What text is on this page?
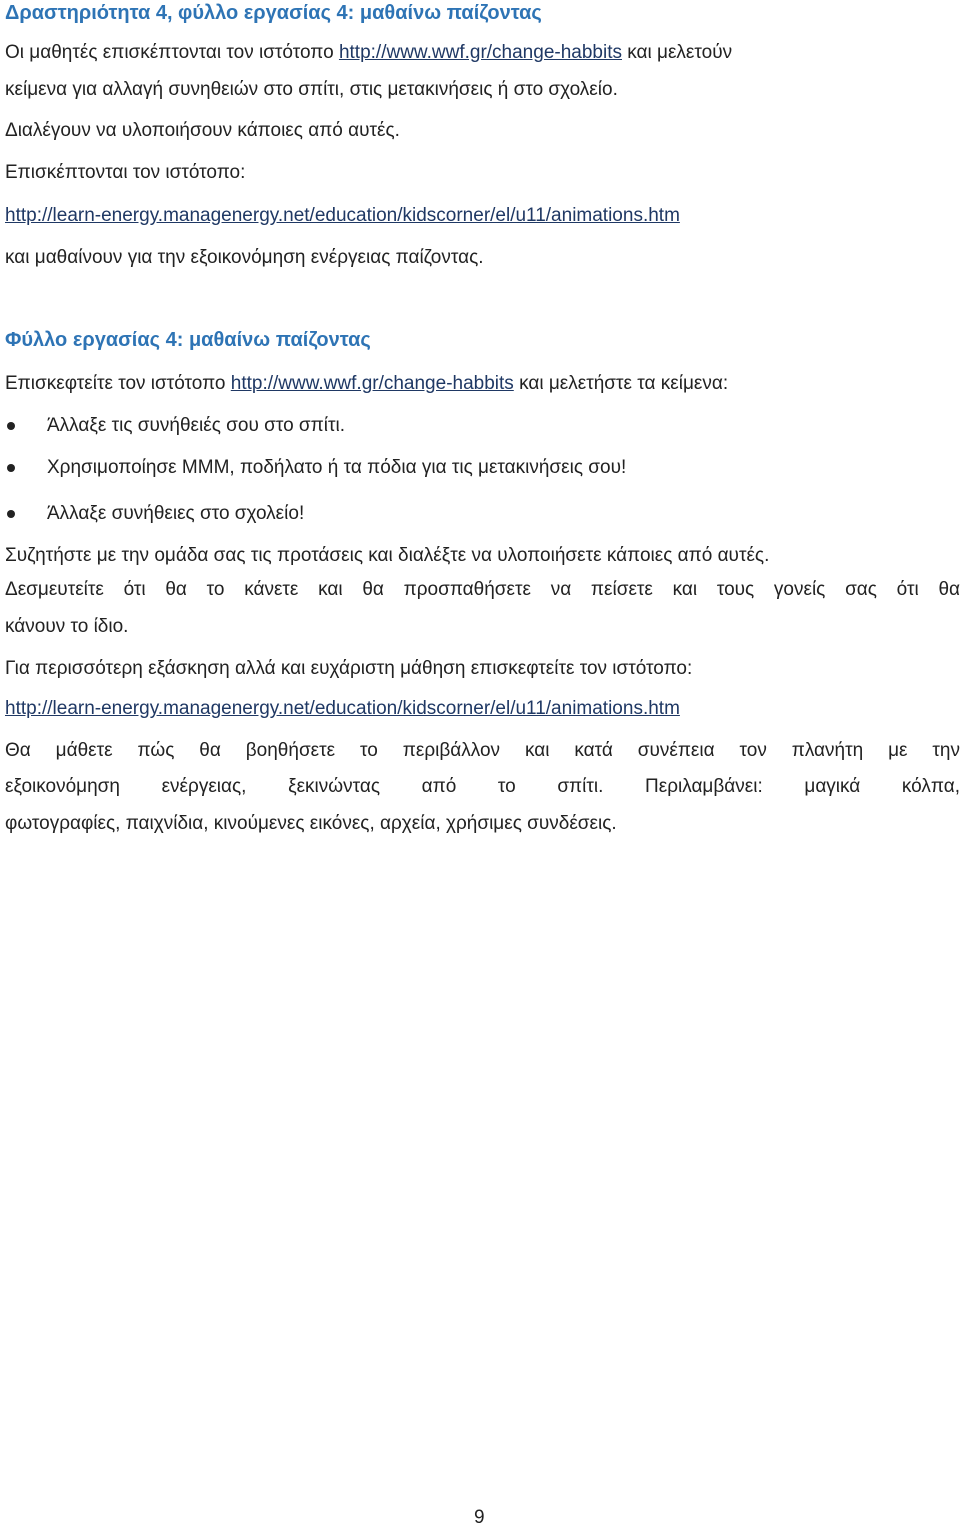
Δραστηριότητα 4, φύλλο εργασίας 4: μαθαίνω παίζοντας
Οι μαθητές επισκέπτονται τον ιστότοπο http://www.wwf.gr/change-habbits και μελετούν
κείμενα για αλλαγή συνηθειών στο σπίτι, στις μετακινήσεις ή στο σχολείο.
Διαλέγουν να υλοποιήσουν κάποιες από αυτές.
Επισκέπτονται τον ιστότοπο:
http://learn-energy.managenergy.net/education/kidscorner/el/u11/animations.htm
και μαθαίνουν για την εξοικονόμηση ενέργειας παίζοντας.
Φύλλο εργασίας 4: μαθαίνω παίζοντας
Επισκεφτείτε τον ιστότοπο http://www.wwf.gr/change-habbits και μελετήστε τα κείμενα:
Άλλαξε τις συνήθειές σου στο σπίτι.
Χρησιμοποίησε ΜΜΜ, ποδήλατο ή τα πόδια για τις μετακινήσεις σου!
Άλλαξε συνήθειες στο σχολείο!
Συζητήστε με την ομάδα σας τις προτάσεις και διαλέξτε να υλοποιήσετε κάποιες από αυτές.
Δεσμευτείτε ότι θα το κάνετε και θα προσπαθήσετε να πείσετε και τους γονείς σας ότι θα
κάνουν το ίδιο.
Για περισσότερη εξάσκηση αλλά και ευχάριστη μάθηση επισκεφτείτε τον ιστότοπο:
http://learn-energy.managenergy.net/education/kidscorner/el/u11/animations.htm
Θα μάθετε πώς θα βοηθήσετε το περιβάλλον και κατά συνέπεια τον πλανήτη με την
εξοικονόμηση ενέργειας, ξεκινώντας από το σπίτι. Περιλαμβάνει: μαγικά κόλπα,
φωτογραφίες, παιχνίδια, κινούμενες εικόνες, αρχεία, χρήσιμες συνδέσεις.
9
